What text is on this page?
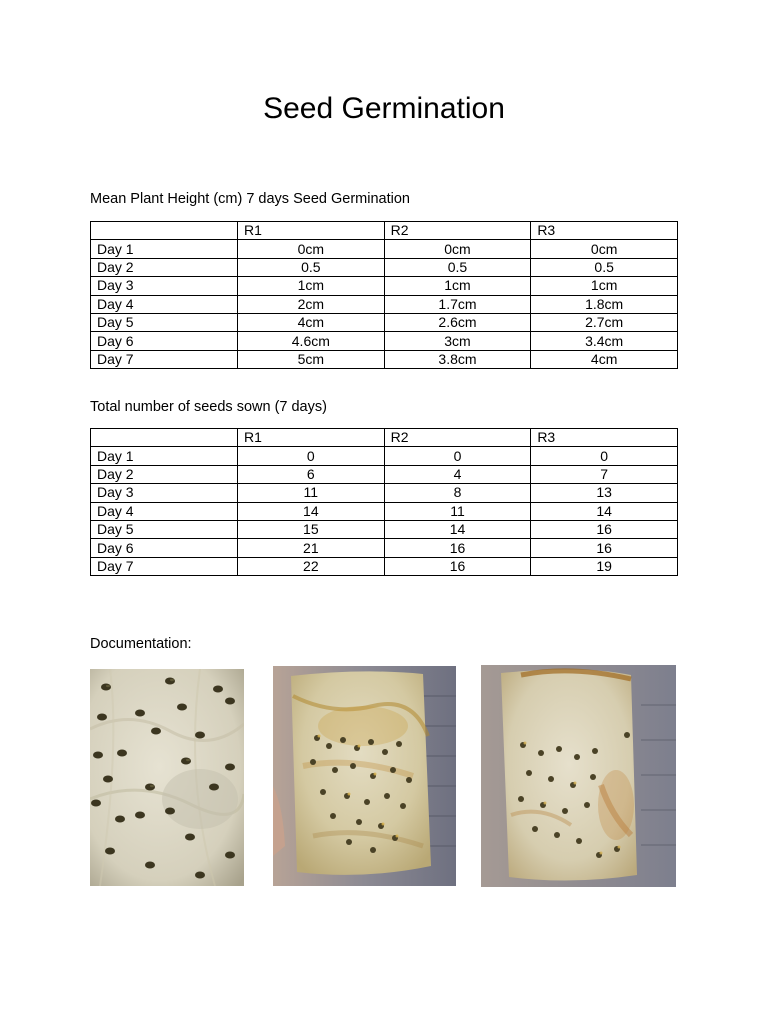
Seed Germination

Mean Plant Height (cm) 7 days Seed Germination

	R1	R2	R3
Day 1	0cm	0cm	0cm
Day 2	0.5	0.5	0.5
Day 3	1cm	1cm	1cm
Day 4	2cm	1.7cm	1.8cm
Day 5	4cm	2.6cm	2.7cm
Day 6	4.6cm	3cm	3.4cm
Day 7	5cm	3.8cm	4cm

Total number of seeds sown (7 days)

	R1	R2	R3
Day 1	0	0	0
Day 2	6	4	7
Day 3	11	8	13
Day 4	14	11	14
Day 5	15	14	16
Day 6	21	16	16
Day 7	22	16	19

Documentation:
